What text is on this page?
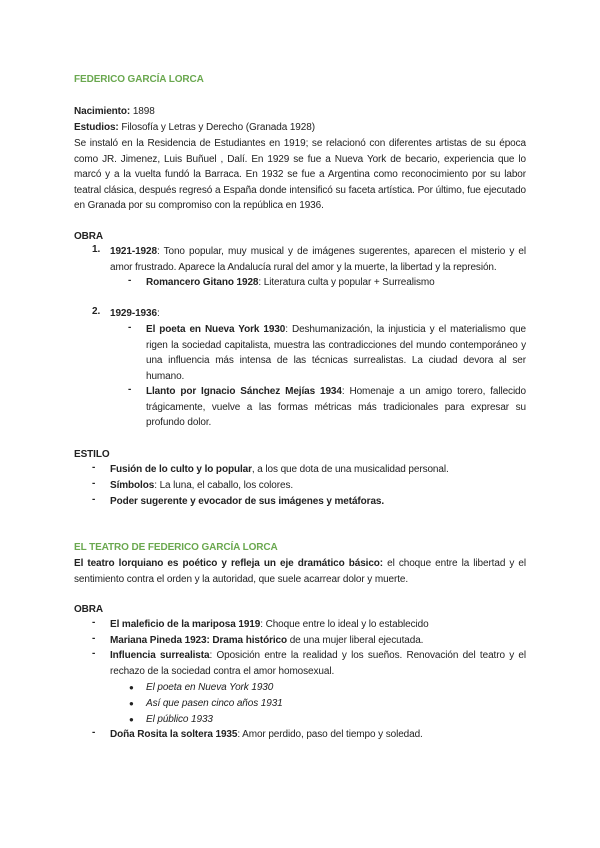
FEDERICO GARCÍA LORCA
Nacimiento: 1898
Estudios: Filosofía y Letras y Derecho (Granada 1928)
Se instaló en la Residencia de Estudiantes en 1919; se relacionó con diferentes artistas de su época como JR. Jimenez, Luis Buñuel , Dalí. En 1929 se fue a Nueva York de becario, experiencia que lo marcó y a la vuelta fundó la Barraca. En 1932 se fue a Argentina como reconocimiento por su labor teatral clásica, después regresó a España donde intensificó su faceta artística. Por último, fue ejecutado en Granada por su compromiso con la república en 1936.
OBRA
1. 1921-1928: Tono popular, muy musical y de imágenes sugerentes, aparecen el misterio y el amor frustrado. Aparece la Andalucía rural del amor y la muerte, la libertad y la represión.
- Romancero Gitano 1928: Literatura culta y popular + Surrealismo
2. 1929-1936:
- El poeta en Nueva York 1930: Deshumanización, la injusticia y el materialismo que rigen la sociedad capitalista, muestra las contradicciones del mundo contemporáneo y una influencia más intensa de las técnicas surrealistas. La ciudad devora al ser humano.
- Llanto por Ignacio Sánchez Mejías 1934: Homenaje a un amigo torero, fallecido trágicamente, vuelve a las formas métricas más tradicionales para expresar su profundo dolor.
ESTILO
- Fusión de lo culto y lo popular, a los que dota de una musicalidad personal.
- Símbolos: La luna, el caballo, los colores.
- Poder sugerente y evocador de sus imágenes y metáforas.
EL TEATRO DE FEDERICO GARCÍA LORCA
El teatro lorquiano es poético y refleja un eje dramático básico: el choque entre la libertad y el sentimiento contra el orden y la autoridad, que suele acarrear dolor y muerte.
OBRA
- El maleficio de la mariposa 1919: Choque entre lo ideal y lo establecido
- Mariana Pineda 1923: Drama histórico de una mujer liberal ejecutada.
- Influencia surrealista: Oposición entre la realidad y los sueños. Renovación del teatro y el rechazo de la sociedad contra el amor homosexual.
● El poeta en Nueva York 1930
● Así que pasen cinco años 1931
● El público 1933
- Doña Rosita la soltera 1935: Amor perdido, paso del tiempo y soledad.
